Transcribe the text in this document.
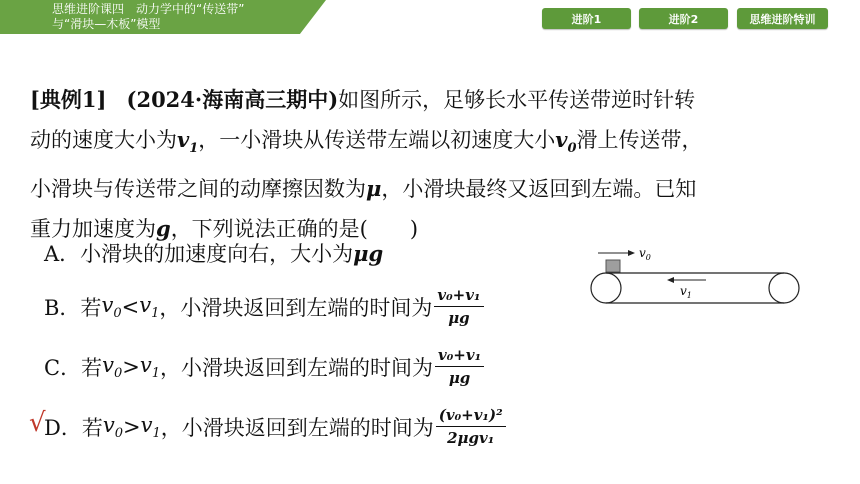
思维进阶课四　动力学中的“传送带”
与“滑块—木板”模型	进阶1	进阶2	思维进阶特训

[典例1] (2024·海南高三期中)如图所示，足够长水平传送带逆时针转

动的速度大小为$v_1$，一小滑块从传送带左端以初速度大小$v_0$滑上传送带，

小滑块与传送带之间的动摩擦因数为μ，小滑块最终又返回到左端。已知

重力加速度为g，下列说法正确的是(　　)

A． 小滑块的加速度向右，大小为 μg
B． 若 $v_0 < v_1$ ，小滑块返回到左端的时间为 $\frac{\text{v₀+v₁}}{\mu g}$
C． 若 $v_0 > v_1$ ，小滑块返回到左端的时间为 $\frac{\text{v₀+v₁}}{\mu g}$
D． 若 $v_0 > v_1$ ，小滑块返回到左端的时间为 $\frac{\text{(v₀+v₁)²}}{\text{2μgv₁}}$
√
$v_0$
$v_1$
